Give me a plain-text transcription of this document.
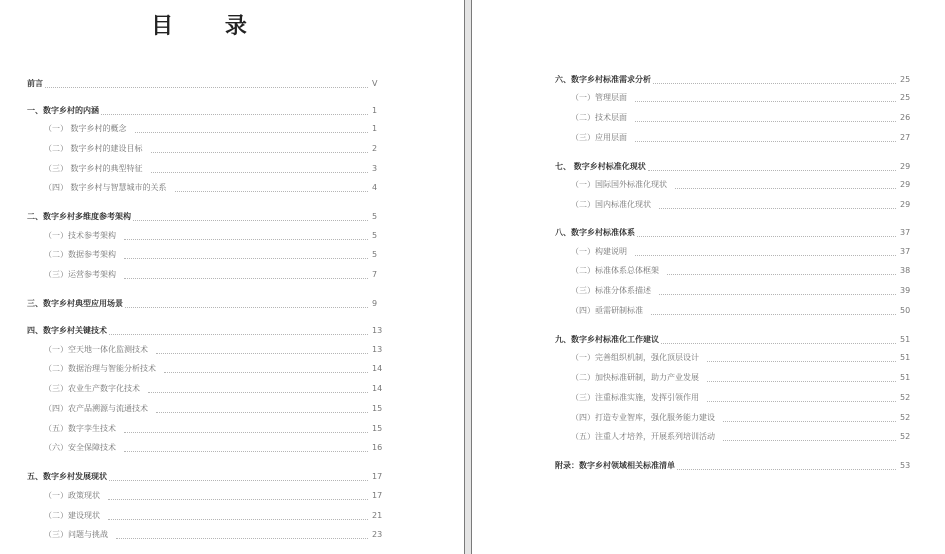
目 录
前言	V
一、数字乡村的内涵	1
（一） 数字乡村的概念	1
（二） 数字乡村的建设目标	2
（三） 数字乡村的典型特征	3
（四） 数字乡村与智慧城市的关系	4
二、数字乡村多维度参考架构	5
（一）技术参考架构	5
（二）数据参考架构	5
（三）运营参考架构	7
三、数字乡村典型应用场景	9
四、数字乡村关键技术	13
（一）空天地一体化监测技术	13
（二）数据治理与智能分析技术	14
（三）农业生产数字化技术	14
（四）农产品溯源与流通技术	15
（五）数字孪生技术	15
（六）安全保障技术	16
五、数字乡村发展现状	17
（一）政策现状	17
（二）建设现状	21
（三）问题与挑战	23
六、数字乡村标准需求分析	25
（一）管理层面	25
（二）技术层面	26
（三）应用层面	27
七、 数字乡村标准化现状	29
（一）国际国外标准化现状	29
（二）国内标准化现状	29
八、数字乡村标准体系	37
（一）构建说明	37
（二）标准体系总体框架	38
（三）标准分体系描述	39
（四）亟需研制标准	50
九、数字乡村标准化工作建议	51
（一）完善组织机制，强化顶层设计	51
（二）加快标准研制，助力产业发展	51
（三）注重标准实施，发挥引领作用	52
（四）打造专业智库，强化服务能力建设	52
（五）注重人才培养，开展系列培训活动	52
附录：数字乡村领域相关标准清单	53
